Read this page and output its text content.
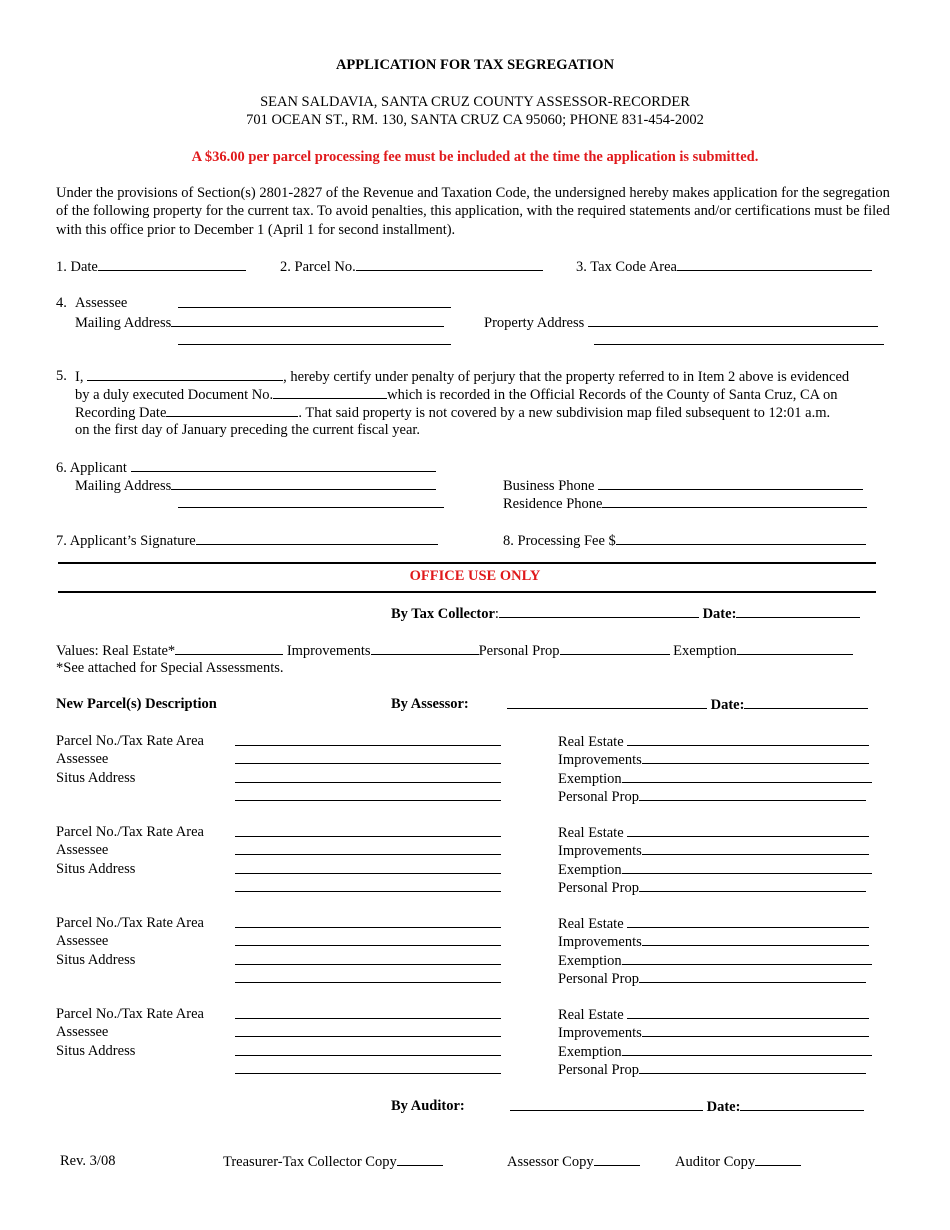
APPLICATION FOR TAX SEGREGATION
SEAN SALDAVIA, SANTA CRUZ COUNTY ASSESSOR-RECORDER
701 OCEAN ST., RM. 130, SANTA CRUZ CA 95060; PHONE 831-454-2002
A $36.00 per parcel processing fee must be included at the time the application is submitted.
Under the provisions of Section(s) 2801-2827 of the Revenue and Taxation Code, the undersigned hereby makes application for the segregation of the following property for the current tax. To avoid penalties, this application, with the required statements and/or certifications must be filed with this office prior to December 1 (April 1 for second installment).
1. Date	2. Parcel No.	3. Tax Code Area
4. Assessee
Mailing Address	Property Address
5. I,	, hereby certify under penalty of perjury that the property referred to in Item 2 above is evidenced
by a duly executed Document No.	which is recorded in the Official Records of the County of Santa Cruz, CA on
Recording Date	. That said property is not covered by a new subdivision map filed subsequent to 12:01 a.m.
on the first day of January preceding the current fiscal year.
6. Applicant
Mailing Address	Business Phone
Residence Phone
7. Applicant’s Signature	8. Processing Fee $
OFFICE USE ONLY
By Tax Collector:	Date:
Values: Real Estate*	Improvements	Personal Prop	Exemption
*See attached for Special Assessments.
New Parcel(s) Description	By Assessor:	Date:
Parcel No./Tax Rate Area	Real Estate
Assessee	Improvements
Situs Address	Exemption
Personal Prop
Parcel No./Tax Rate Area	Real Estate
Assessee	Improvements
Situs Address	Exemption
Personal Prop
Parcel No./Tax Rate Area	Real Estate
Assessee	Improvements
Situs Address	Exemption
Personal Prop
Parcel No./Tax Rate Area	Real Estate
Assessee	Improvements
Situs Address	Exemption
Personal Prop
By Auditor:	Date:
Rev. 3/08	Treasurer-Tax Collector Copy	Assessor Copy	Auditor Copy
